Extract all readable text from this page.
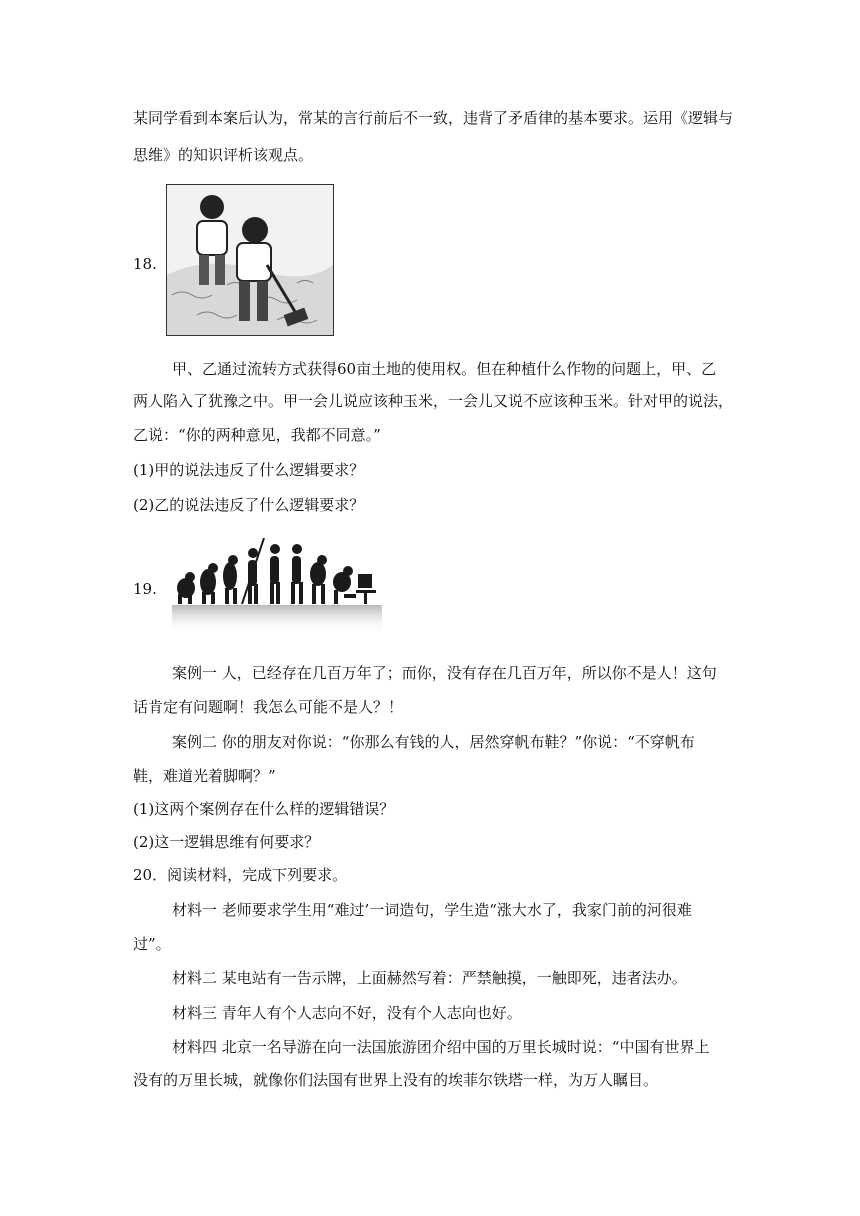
某同学看到本案后认为，常某的言行前后不一致，违背了矛盾律的基本要求。运用《逻辑与
思维》的知识评析该观点。
18.
甲、乙通过流转方式获得60亩土地的使用权。但在种植什么作物的问题上，甲、乙
两人陷入了犹豫之中。甲一会儿说应该种玉米，一会儿又说不应该种玉米。针对甲的说法，
乙说：“你的两种意见，我都不同意。”
(1)甲的说法违反了什么逻辑要求？
(2)乙的说法违反了什么逻辑要求？
19.
案例一 人，已经存在几百万年了；而你，没有存在几百万年，所以你不是人！这句
话肯定有问题啊！我怎么可能不是人？！
案例二 你的朋友对你说：“你那么有钱的人，居然穿帆布鞋？”你说：“不穿帆布
鞋，难道光着脚啊？”
(1)这两个案例存在什么样的逻辑错误？
(2)这一逻辑思维有何要求？
20．阅读材料，完成下列要求。
材料一 老师要求学生用“难过’一词造句，学生造“涨大水了，我家门前的河很难
过”。
材料二 某电站有一告示牌，上面赫然写着：严禁触摸，一触即死，违者法办。
材料三 青年人有个人志向不好，没有个人志向也好。
材料四 北京一名导游在向一法国旅游团介绍中国的万里长城时说：“中国有世界上
没有的万里长城，就像你们法国有世界上没有的埃菲尔铁塔一样，为万人瞩目。
